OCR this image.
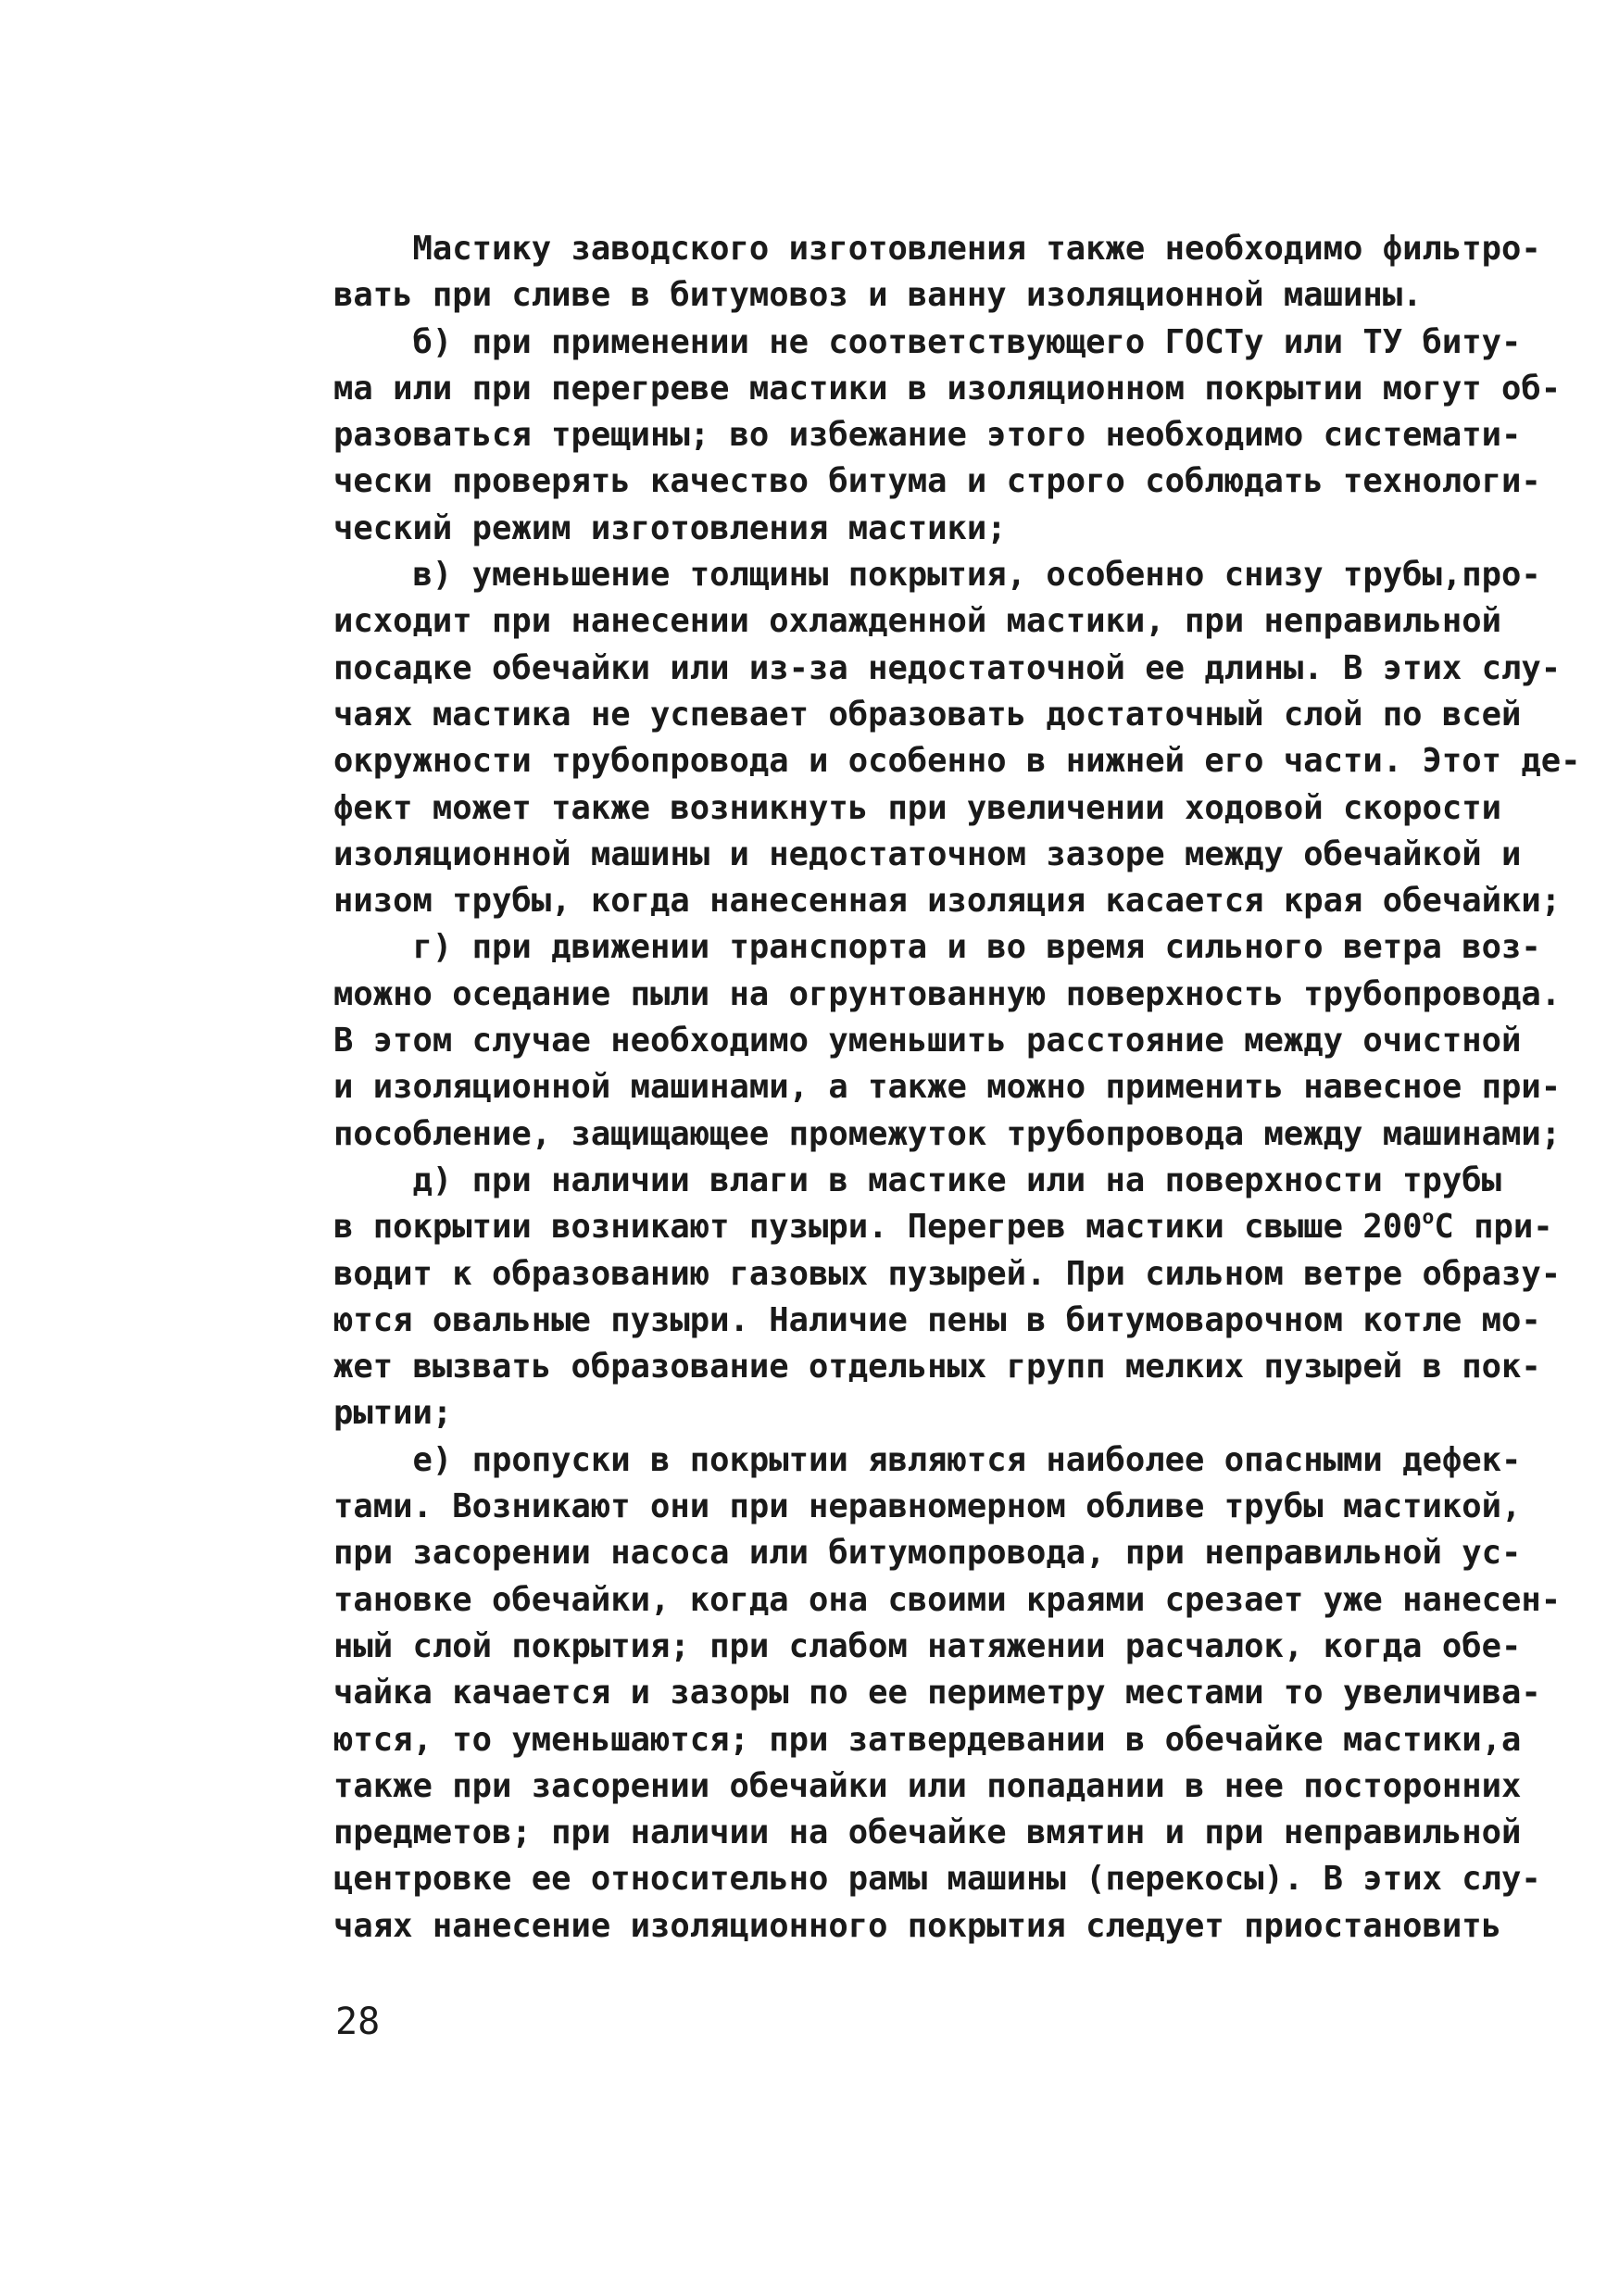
Мастику заводского изготовления также необходимо фильтро-
вать при сливе в битумовоз и ванну изоляционной машины.
б) при применении не соответствующего ГОСТу или ТУ биту-
ма или при перегреве мастики в изоляционном покрытии могут об-
разоваться трещины; во избежание этого необходимо системати-
чески проверять качество битума и строго соблюдать технологи-
ческий режим изготовления мастики;
в) уменьшение толщины покрытия, особенно снизу трубы,про-
исходит при нанесении охлажденной мастики, при неправильной
посадке обечайки или из-за недостаточной ее длины. В этих слу-
чаях мастика не успевает образовать достаточный слой по всей
окружности трубопровода и особенно в нижней его части. Этот де-
фект может также возникнуть при увеличении ходовой скорости
изоляционной машины и недостаточном зазоре между обечайкой и
низом трубы, когда нанесенная изоляция касается края обечайки;
г) при движении транспорта и во время сильного ветра воз-
можно оседание пыли на огрунтованную поверхность трубопровода.
В этом случае необходимо уменьшить расстояние между очистной
и изоляционной машинами, а также можно применить навесное при-
пособление, защищающее промежуток трубопровода между машинами;
д) при наличии влаги в мастике или на поверхности трубы
в покрытии возникают пузыри. Перегрев мастики свыше $200^оС$ при-
водит к образованию газовых пузырей. При сильном ветре образу-
ются овальные пузыри. Наличие пены в битумоварочном котле мо-
жет вызвать образование отдельных групп мелких пузырей в пок-
рытии;
е) пропуски в покрытии являются наиболее опасными дефек-
тами. Возникают они при неравномерном обливе трубы мастикой,
при засорении насоса или битумопровода, при неправильной ус-
тановке обечайки, когда она своими краями срезает уже нанесен-
ный слой покрытия; при слабом натяжении расчалок, когда обе-
чайка качается и зазоры по ее периметру местами то увеличива-
ются, то уменьшаются; при затвердевании в обечайке мастики,а
также при засорении обечайки или попадании в нее посторонних
предметов; при наличии на обечайке вмятин и при неправильной
центровке ее относительно рамы машины (перекосы). В этих слу-
чаях нанесение изоляционного покрытия следует приостановить
28
